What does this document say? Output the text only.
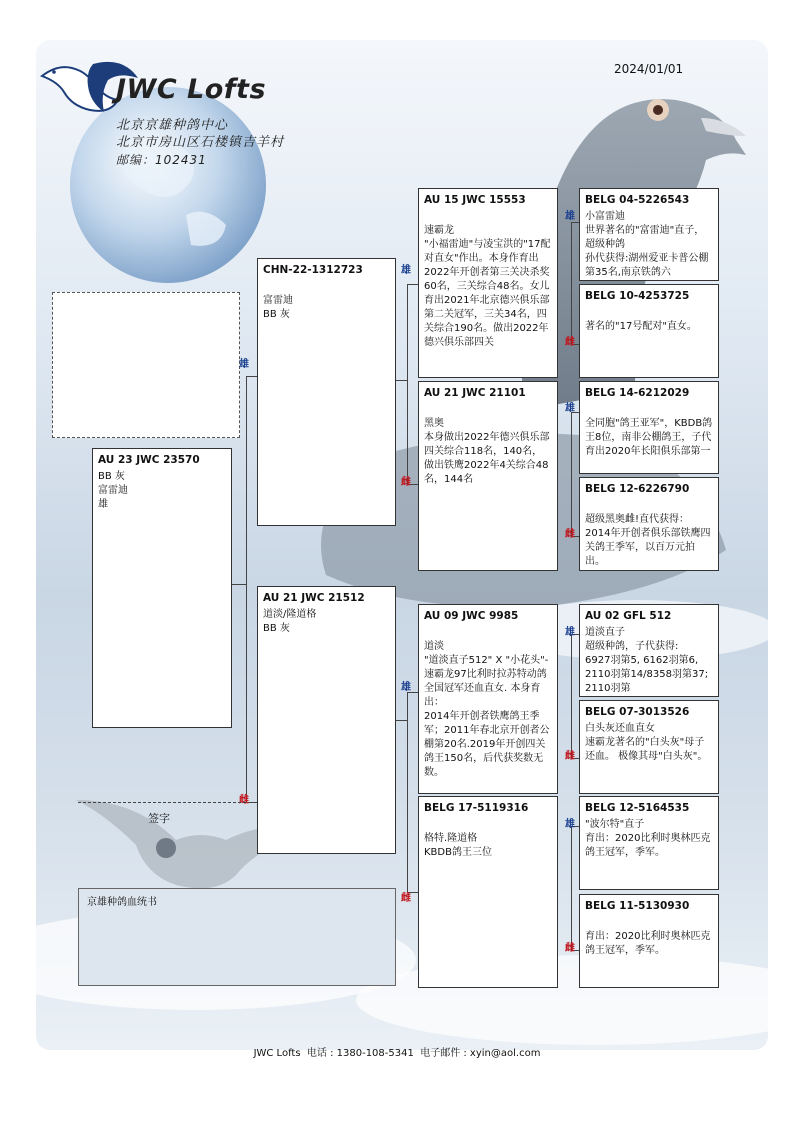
JWC Lofts
2024/01/01
北京京雄种鸽中心
北京市房山区石楼镇吉羊村
邮编：102431
雄
雌
雄
雌
雄
雌
雄
雌
雄
雌
雄
雌
雄
雌
AU 23 JWC 23570
BB 灰
富雷迪
雄
CHN-22-1312723

富雷迪
BB 灰
AU 21 JWC 21512
道淡/隆道格
BB 灰
AU 15 JWC 15553

速霸龙
"小福雷迪"与凌宝洪的"17配对直女"作出。本身作育出2022年开创者第三关决杀奖60名，三关综合48名。女儿育出2021年北京德兴俱乐部第二关冠军，三关34名，四关综合190名。做出2022年德兴俱乐部四关
AU 21 JWC 21101

黑奥
本身做出2022年德兴俱乐部四关综合118名，140名，做出铁鹰2022年4关综合48名，144名
AU 09 JWC 9985

道淡
"道淡直子512" X "小花头"-速霸龙97比利时拉苏特动鸽全国冠军还血直女. 本身育出：
2014年开创者铁鹰鸽王季军；2011年春北京开创者公棚第20名.2019年开创四关鸽王150名，后代获奖数无数。
BELG 17-5119316

格特.隆道格
KBDB鸽王三位
BELG 04-5226543
小富雷迪
世界著名的"富雷迪"直子，超级种鸽
孙代获得:湖州爱亚卡普公棚第35名,南京铁鸽六
BELG 10-4253725

著名的"17号配对"直女。
BELG 14-6212029

全同胞"鸽王亚军"，KBDB鸽王8位，南非公棚鸽王，子代育出2020年长阳俱乐部第一
BELG 12-6226790

超级黑奥雌!直代获得：2014年开创者俱乐部铁鹰四关鸽王季军，以百万元拍出。
AU 02 GFL 512
道淡直子
超级种鸽，子代获得:
6927羽第5, 6162羽第6, 2110羽第14/8358羽第37; 2110羽第
BELG 07-3013526
白头灰还血直女
速霸龙著名的"白头灰"母子还血。 极像其母"白头灰"。
BELG 12-5164535
"波尔特"直子
育出：2020比利时奥林匹克鸽王冠军，季军。
BELG 11-5130930

育出：2020比利时奥林匹克鸽王冠军，季军。
签字
京雄种鸽血统书
JWC Lofts  电话 : 1380-108-5341  电子邮件 : xyin@aol.com
